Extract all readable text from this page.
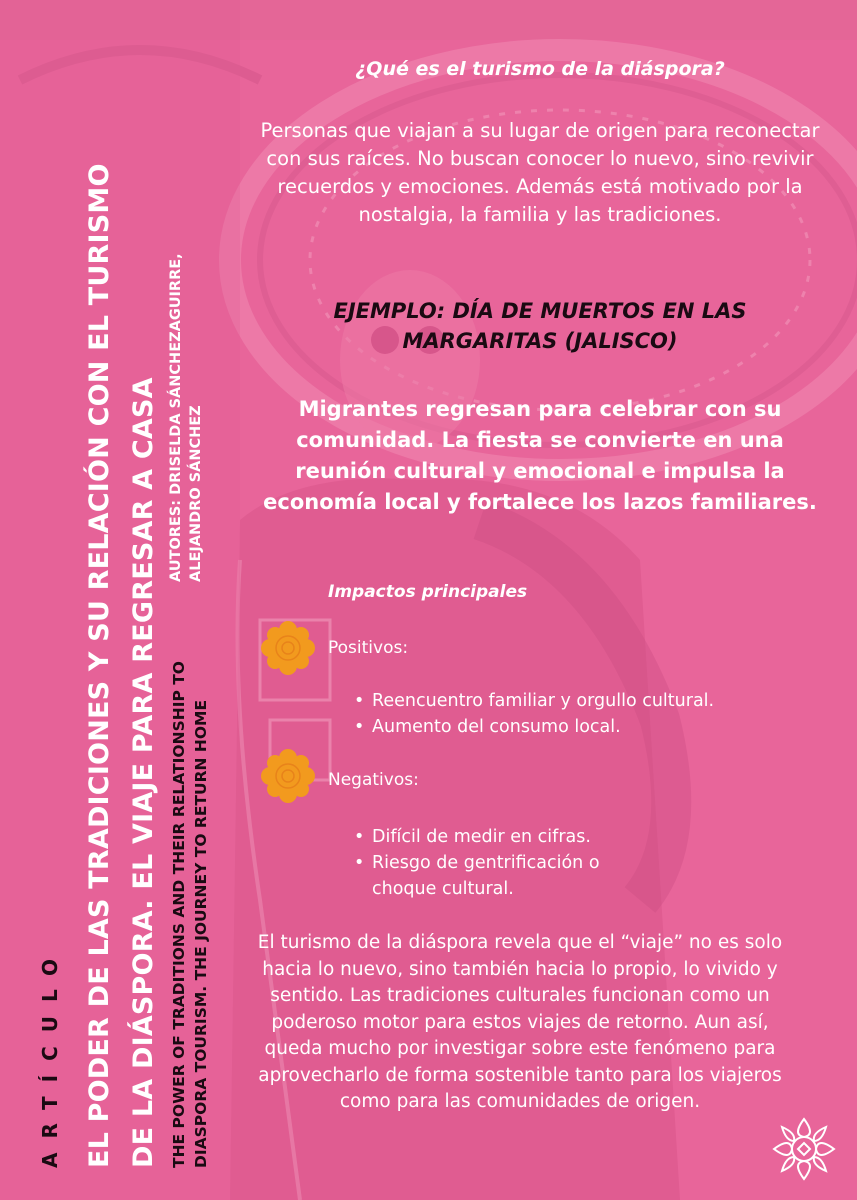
ARTÍCULO EL PODER DE LAS TRADICIONES Y SU RELACIÓN CON EL TURISMO DE LA DIÁSPORA. EL VIAJE PARA REGRESAR A CASA THE POWER OF TRADITIONS AND THEIR RELATIONSHIP TO DIASPORA TOURISM. THE JOURNEY TO RETURN HOME
AUTORES: DRISELDA SÁNCHEZAGUIRRE, ALEJANDRO SÁNCHEZ
¿Qué es el turismo de la diáspora?
Personas que viajan a su lugar de origen para reconectar con sus raíces. No buscan conocer lo nuevo, sino revivir recuerdos y emociones. Además está motivado por la nostalgia, la familia y las tradiciones.
EJEMPLO: DÍA DE MUERTOS EN LAS MARGARITAS (JALISCO)
Migrantes regresan para celebrar con su comunidad. La fiesta se convierte en una reunión cultural y emocional e impulsa la economía local y fortalece los lazos familiares.
Impactos principales
Positivos:
• Reencuentro familiar y orgullo cultural.
• Aumento del consumo local.
Negativos:
• Difícil de medir en cifras.
• Riesgo de gentrificación o choque cultural.
El turismo de la diáspora revela que el “viaje” no es solo hacia lo nuevo, sino también hacia lo propio, lo vivido y sentido. Las tradiciones culturales funcionan como un poderoso motor para estos viajes de retorno. Aun así, queda mucho por investigar sobre este fenómeno para aprovecharlo de forma sostenible tanto para los viajeros como para las comunidades de origen.
